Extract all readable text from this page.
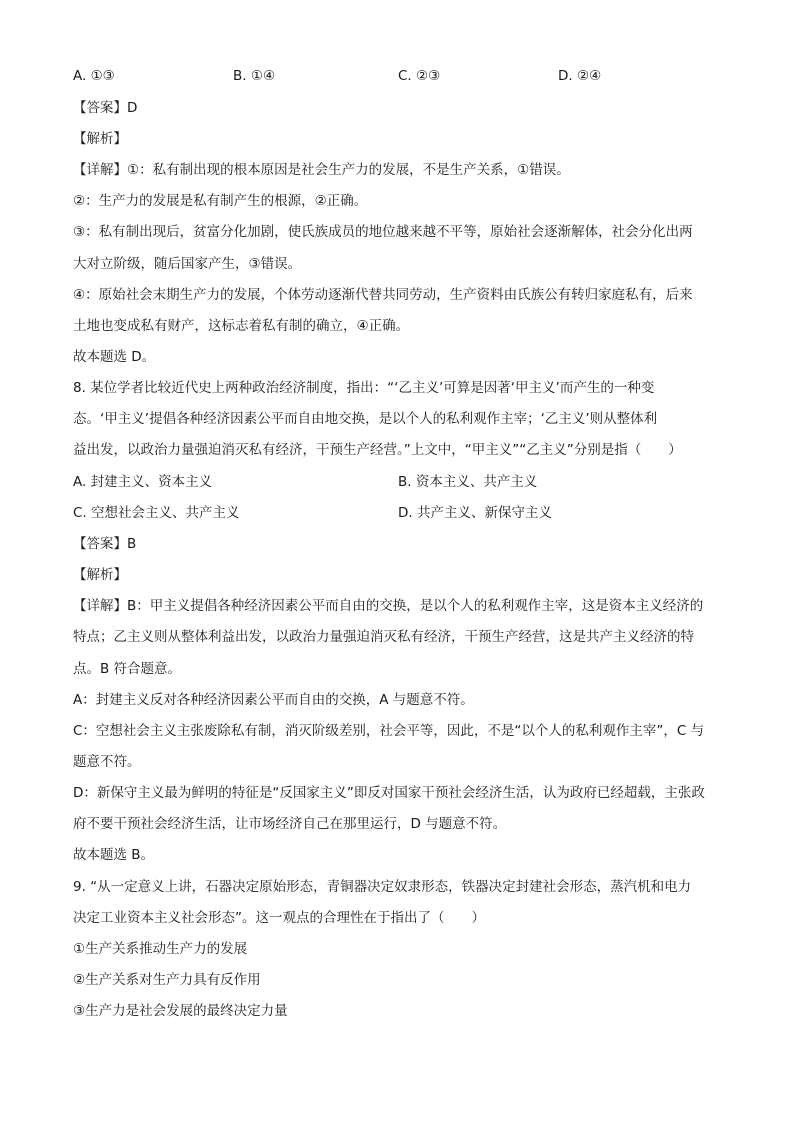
A. ①③	B. ①④	C. ②③	D. ②④
【答案】D
【解析】
【详解】①：私有制出现的根本原因是社会生产力的发展，不是生产关系，①错误。
②：生产力的发展是私有制产生的根源，②正确。
③：私有制出现后，贫富分化加剧，使氏族成员的地位越来越不平等，原始社会逐渐解体，社会分化出两
大对立阶级，随后国家产生，③错误。
④：原始社会末期生产力的发展，个体劳动逐渐代替共同劳动，生产资料由氏族公有转归家庭私有，后来
土地也变成私有财产，这标志着私有制的确立，④正确。
故本题选 D。
8. 某位学者比较近代史上两种政治经济制度，指出：“‘乙主义’可算是因著‘甲主义’而产生的一种变
态。‘甲主义’提倡各种经济因素公平而自由地交换，是以个人的私利观作主宰；‘乙主义’则从整体利
益出发，以政治力量强迫消灭私有经济，干预生产经营。”上文中，“甲主义”“乙主义”分别是指（　　）
A. 封建主义、资本主义	B. 资本主义、共产主义
C. 空想社会主义、共产主义	D. 共产主义、新保守主义
【答案】B
【解析】
【详解】B：甲主义提倡各种经济因素公平而自由的交换，是以个人的私利观作主宰，这是资本主义经济的
特点；乙主义则从整体利益出发，以政治力量强迫消灭私有经济，干预生产经营，这是共产主义经济的特
点。B 符合题意。
A：封建主义反对各种经济因素公平而自由的交换，A 与题意不符。
C：空想社会主义主张废除私有制，消灭阶级差别，社会平等，因此，不是“以个人的私利观作主宰”，C 与
题意不符。
D：新保守主义最为鲜明的特征是“反国家主义”即反对国家干预社会经济生活，认为政府已经超载，主张政
府不要干预社会经济生活，让市场经济自己在那里运行，D 与题意不符。
故本题选 B。
9. “从一定意义上讲，石器决定原始形态，青铜器决定奴隶形态，铁器决定封建社会形态，蒸汽机和电力
决定工业资本主义社会形态”。这一观点的合理性在于指出了（　　）
①生产关系推动生产力的发展
②生产关系对生产力具有反作用
③生产力是社会发展的最终决定力量
